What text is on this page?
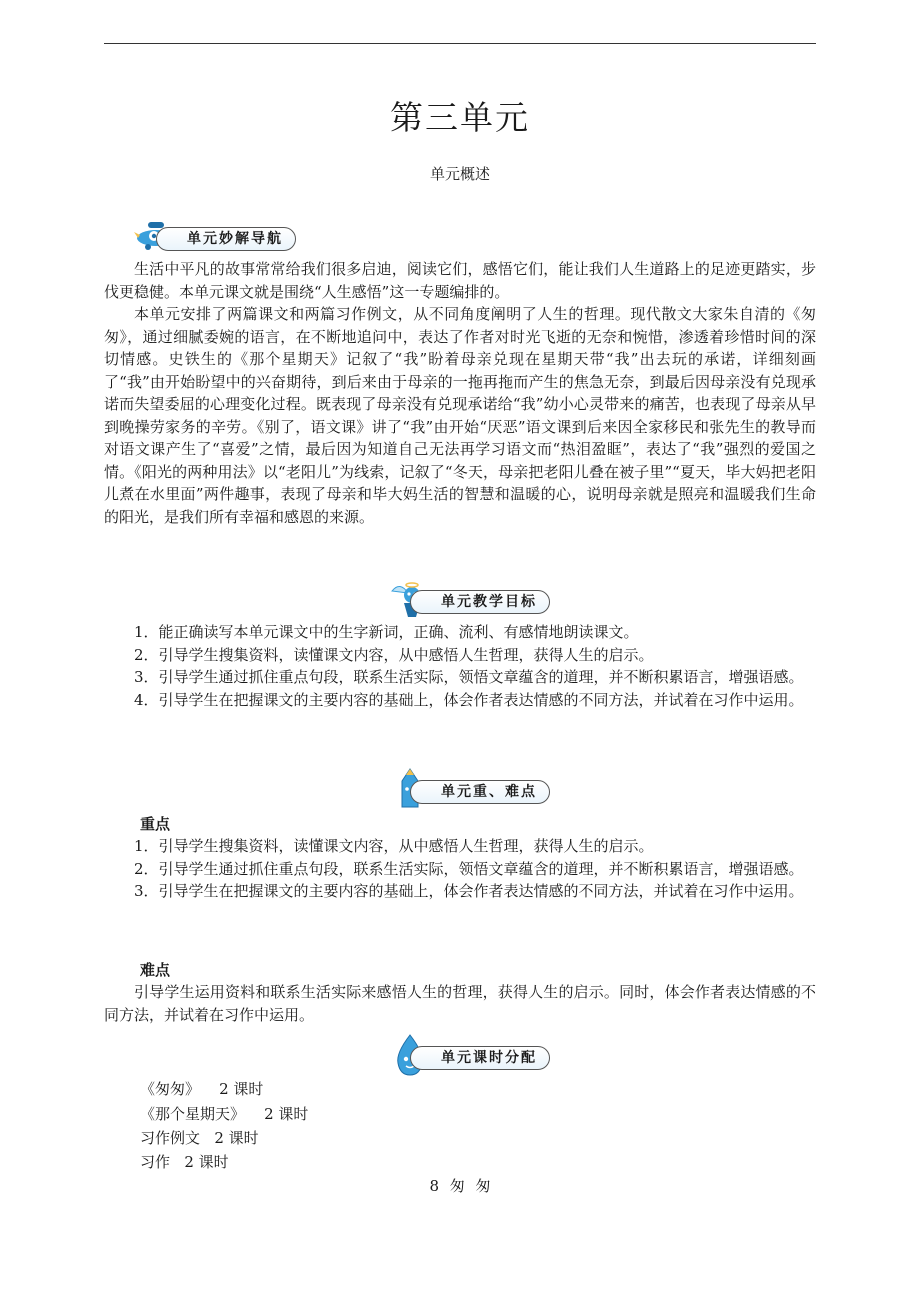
第三单元
单元概述
单元妙解导航

生活中平凡的故事常常给我们很多启迪，阅读它们，感悟它们，能让我们人生道路上的足迹更踏实，步伐更稳健。本单元课文就是围绕“人生感悟”这一专题编排的。

本单元安排了两篇课文和两篇习作例文，从不同角度阐明了人生的哲理。现代散文大家朱自清的《匆匆》，通过细腻委婉的语言，在不断地追问中，表达了作者对时光飞逝的无奈和惋惜，渗透着珍惜时间的深切情感。史铁生的《那个星期天》记叙了“我”盼着母亲兑现在星期天带“我”出去玩的承诺，详细刻画了“我”由开始盼望中的兴奋期待，到后来由于母亲的一拖再拖而产生的焦急无奈，到最后因母亲没有兑现承诺而失望委屈的心理变化过程。既表现了母亲没有兑现承诺给“我”幼小心灵带来的痛苦，也表现了母亲从早到晚操劳家务的辛劳。《别了，语文课》讲了“我”由开始“厌恶”语文课到后来因全家移民和张先生的教导而对语文课产生了“喜爱”之情，最后因为知道自己无法再学习语文而“热泪盈眶”，表达了“我”强烈的爱国之情。《阳光的两种用法》以“老阳儿”为线索，记叙了“冬天，母亲把老阳儿叠在被子里”“夏天，毕大妈把老阳儿煮在水里面”两件趣事，表现了母亲和毕大妈生活的智慧和温暖的心，说明母亲就是照亮和温暖我们生命的阳光，是我们所有幸福和感恩的来源。

单元教学目标

1．能正确读写本单元课文中的生字新词，正确、流利、有感情地朗读课文。

2．引导学生搜集资料，读懂课文内容，从中感悟人生哲理，获得人生的启示。

3．引导学生通过抓住重点句段，联系生活实际，领悟文章蕴含的道理，并不断积累语言，增强语感。

4．引导学生在把握课文的主要内容的基础上，体会作者表达情感的不同方法，并试着在习作中运用。

单元重、难点
重点

1．引导学生搜集资料，读懂课文内容，从中感悟人生哲理，获得人生的启示。

2．引导学生通过抓住重点句段，联系生活实际，领悟文章蕴含的道理，并不断积累语言，增强语感。

3．引导学生在把握课文的主要内容的基础上，体会作者表达情感的不同方法，并试着在习作中运用。

难点

引导学生运用资料和联系生活实际来感悟人生的哲理，获得人生的启示。同时，体会作者表达情感的不同方法，并试着在习作中运用。

单元课时分配
《匆匆》 2 课时
《那个星期天》 2 课时
习作例文 2 课时
习作 2 课时
8 匆 匆
